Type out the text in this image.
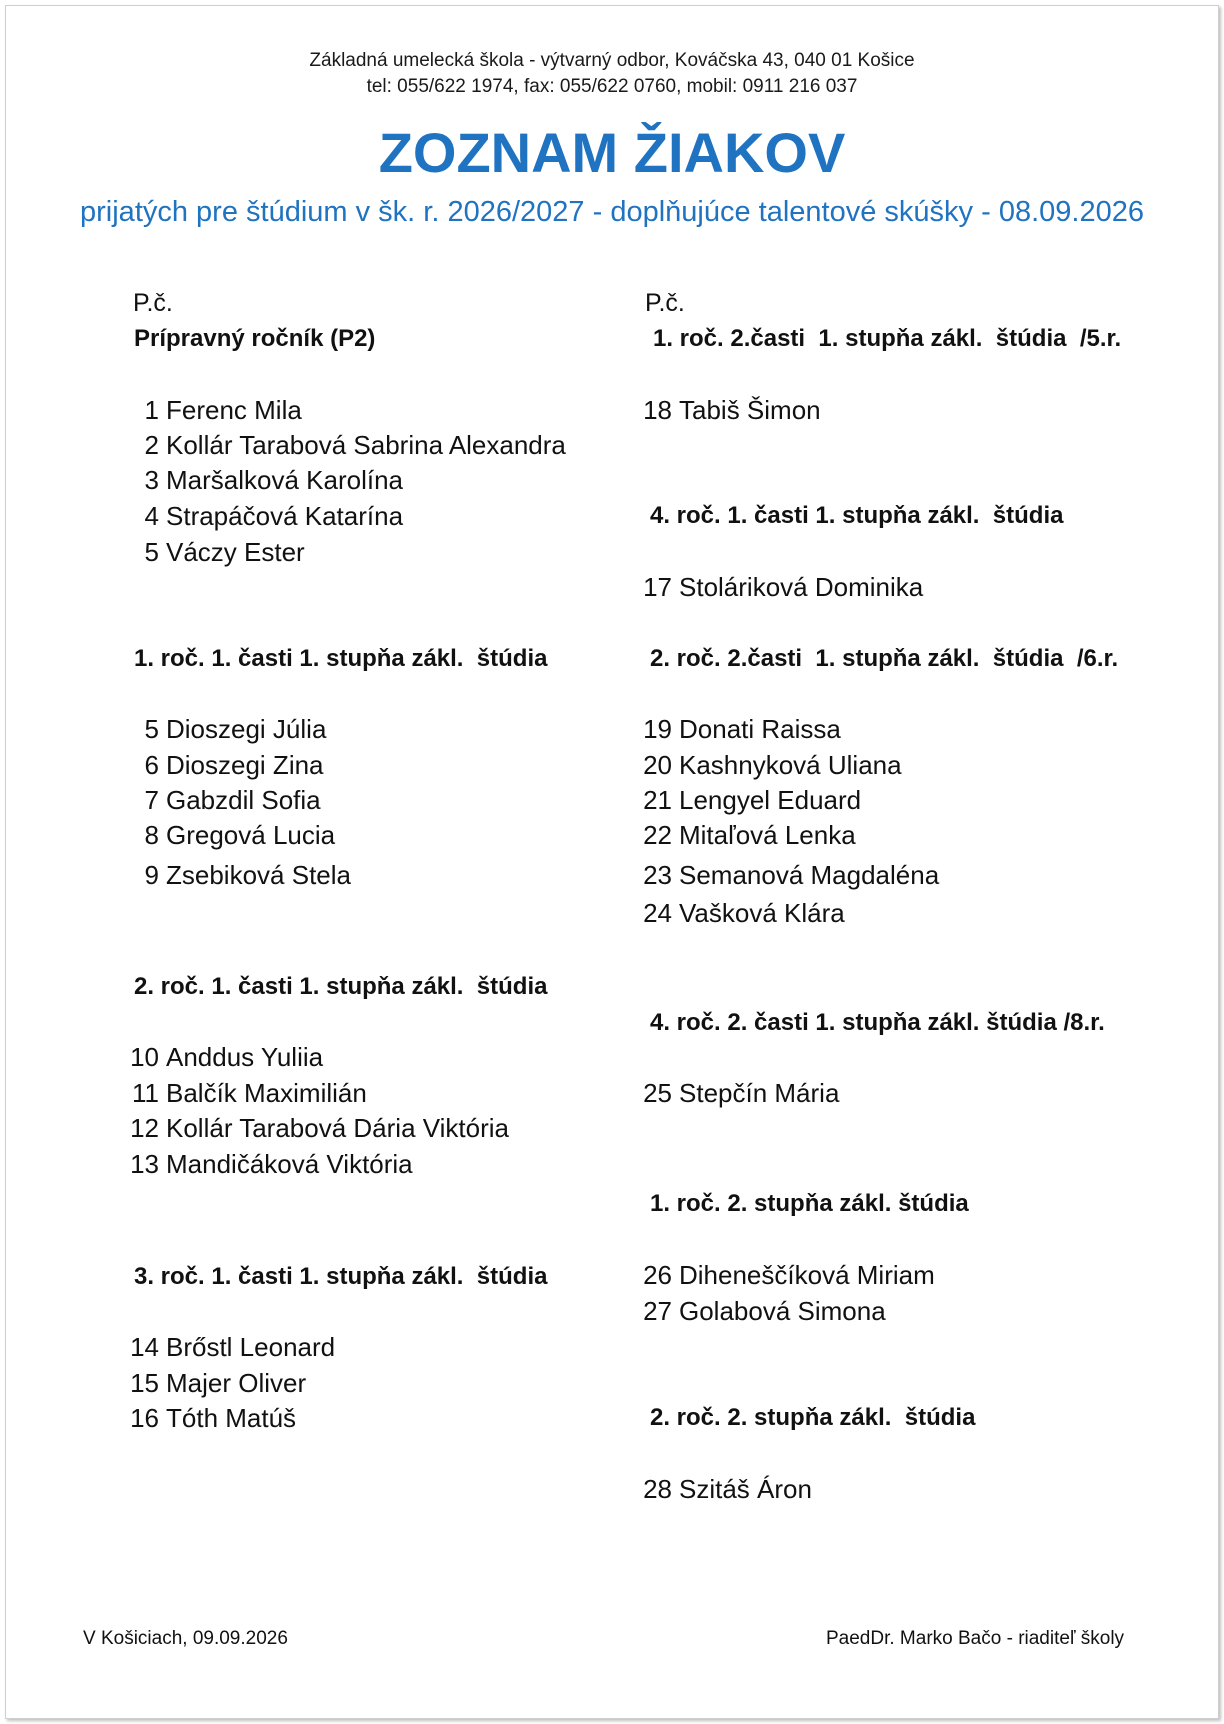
Základná umelecká škola - výtvarný odbor, Kováčska 43, 040 01 Košice
tel: 055/622 1974, fax: 055/622 0760, mobil: 0911 216 037
ZOZNAM ŽIAKOV
prijatých pre štúdium v šk. r. 2026/2027 - doplňujúce talentové skúšky - 08.09.2026
P.č.	P.č.
Prípravný ročník (P2)
1 Ferenc Mila
2 Kollár Tarabová Sabrina Alexandra
3 Maršalková Karolína
4 Strapáčová Katarína
5 Váczy Ester
1. roč. 1. časti 1. stupňa zákl.  štúdia
5 Dioszegi Júlia
6 Dioszegi Zina
7 Gabzdil Sofia
8 Gregová Lucia
9 Zsebiková Stela
2. roč. 1. časti 1. stupňa zákl.  štúdia
10 Anddus Yuliia
11 Balčík Maximilián
12 Kollár Tarabová Dária Viktória
13 Mandičáková Viktória
3. roč. 1. časti 1. stupňa zákl.  štúdia
14 Brőstl Leonard
15 Majer Oliver
16 Tóth Matúš
1. roč. 2.časti  1. stupňa zákl.  štúdia  /5.r.
18 Tabiš Šimon
4. roč. 1. časti 1. stupňa zákl.  štúdia
17 Stoláriková Dominika
2. roč. 2.časti  1. stupňa zákl.  štúdia  /6.r.
19 Donati Raissa
20 Kashnyková Uliana
21 Lengyel Eduard
22 Mitaľová Lenka
23 Semanová Magdaléna
24 Vašková Klára
4. roč. 2. časti 1. stupňa zákl. štúdia /8.r.
25 Stepčín Mária
1. roč. 2. stupňa zákl. štúdia
26 Diheneščíková Miriam
27 Golabová Simona
2. roč. 2. stupňa zákl.  štúdia
28 Szitáš Áron
V Košiciach, 09.09.2026	PaedDr. Marko Bačo - riaditeľ školy
